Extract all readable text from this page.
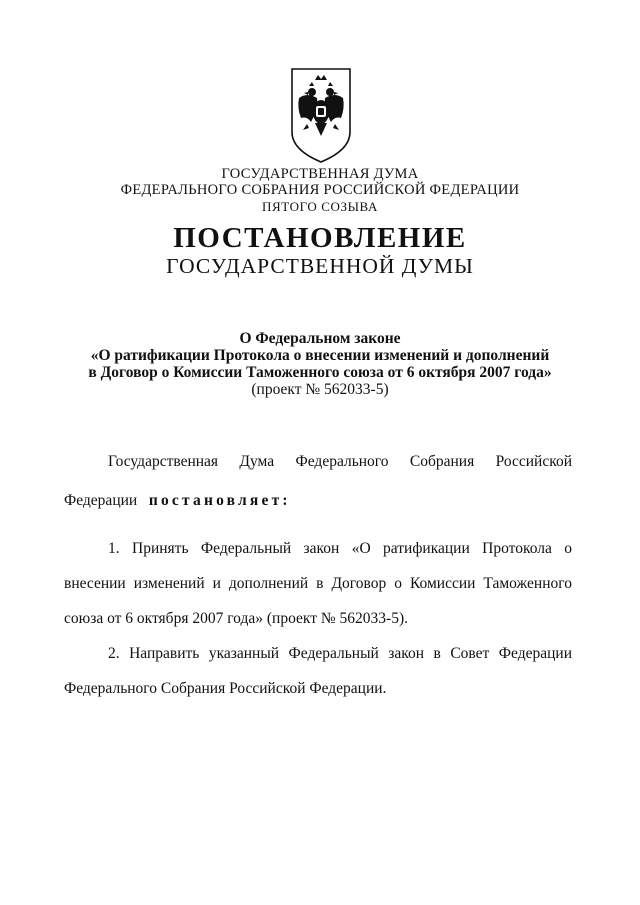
ГОСУДАРСТВЕННАЯ ДУМА
ФЕДЕРАЛЬНОГО СОБРАНИЯ РОССИЙСКОЙ ФЕДЕРАЦИИ
ПЯТОГО СОЗЫВА
ПОСТАНОВЛЕНИЕ
ГОСУДАРСТВЕННОЙ ДУМЫ
О Федеральном законе
«О ратификации Протокола о внесении изменений и дополнений
в Договор о Комиссии Таможенного союза от 6 октября 2007 года»
(проект № 562033-5)
Государственная Дума Федерального Собрания Российской
Федерации постановляет:
1. Принять Федеральный закон «О ратификации Протокола о
внесении изменений и дополнений в Договор о Комиссии Таможенного
союза от 6 октября 2007 года» (проект № 562033-5).
2. Направить указанный Федеральный закон в Совет Федерации
Федерального Собрания Российской Федерации.
